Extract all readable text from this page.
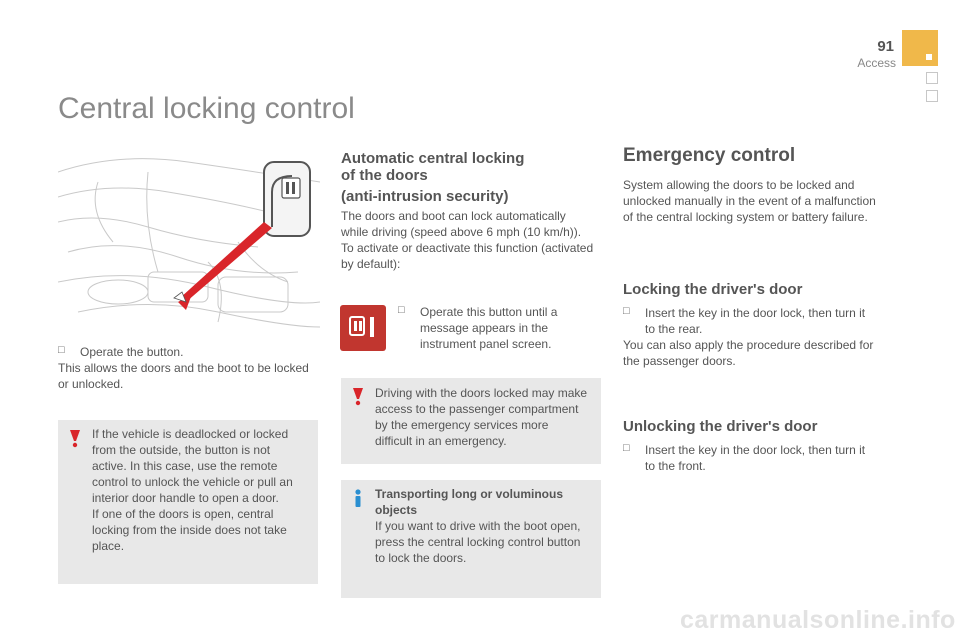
91
Access
Central locking control
□	Operate the button.

This allows the doors and the boot to be locked or unlocked.

If the vehicle is deadlocked or locked

from the outside, the button is not

active. In this case, use the remote

control to unlock the vehicle or pull an

interior door handle to open a door.

If one of the doors is open, central

locking from the inside does not take

place.

Automatic central locking

of the doors

(anti-intrusion security)

The doors and boot can lock automatically

while driving (speed above 6 mph (10 km/h)).

To activate or deactivate this function (activated

by default):

□	Operate this button until a

message appears in the

instrument panel screen.

Driving with the doors locked may make

access to the passenger compartment

by the emergency services more

difficult in an emergency.

Transporting long or voluminous

objects

If you want to drive with the boot open,

press the central locking control button

to lock the doors.

Emergency control

System allowing the doors to be locked and

unlocked manually in the event of a malfunction

of the central locking system or battery failure.

Locking the driver's door

□	Insert the key in the door lock, then turn it

to the rear.

You can also apply the procedure described for

the passenger doors.

Unlocking the driver's door

□	Insert the key in the door lock, then turn it

to the front.

carmanualsonline.info
